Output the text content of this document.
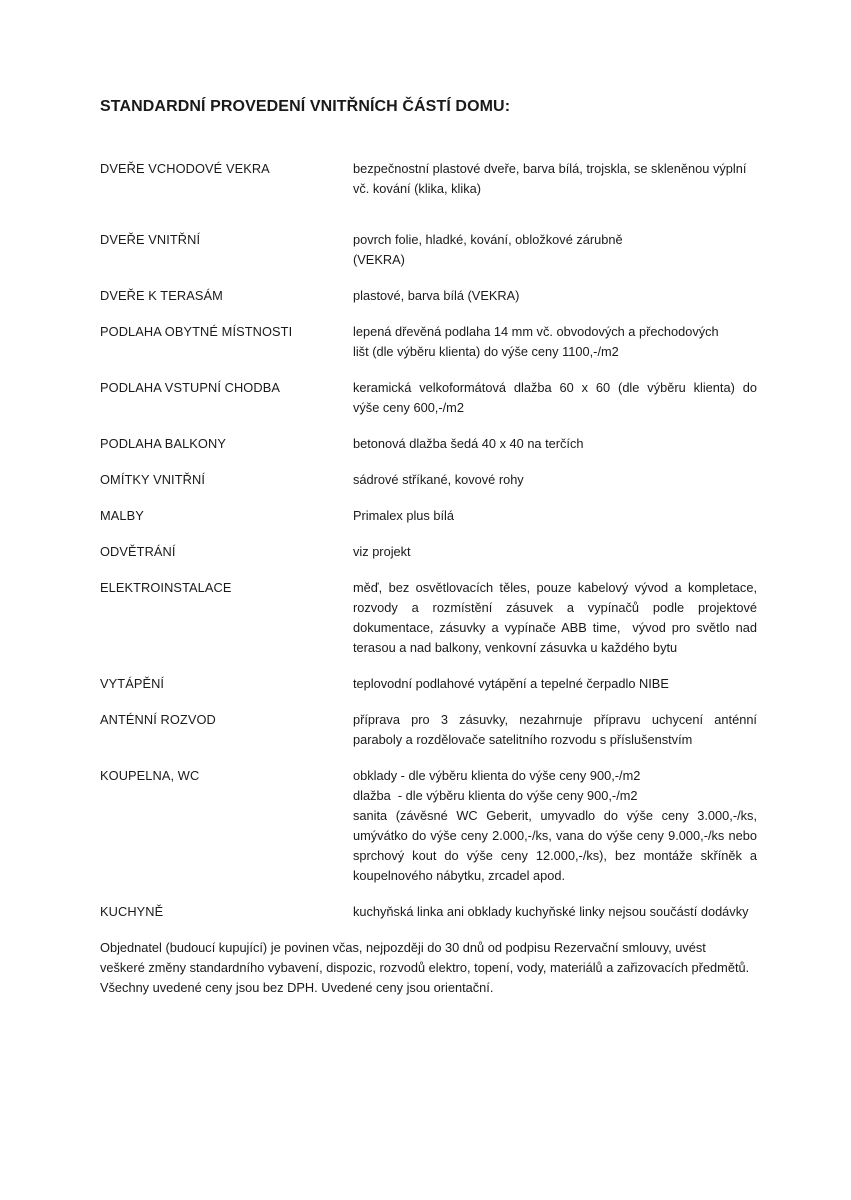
STANDARDNÍ PROVEDENÍ VNITŘNÍCH ČÁSTÍ DOMU:
DVEŘE VCHODOVÉ VEKRA	bezpečnostní plastové dveře, barva bílá, trojskla, se skleněnou výplní
vč. kování (klika, klika)
DVEŘE VNITŘNÍ	povrch folie, hladké, kování, obložkové zárubně
(VEKRA)
DVEŘE K TERASÁM	plastové, barva bílá (VEKRA)
PODLAHA OBYTNÉ MÍSTNOSTI	lepená dřevěná podlaha 14 mm vč. obvodových a přechodových
lišt (dle výběru klienta) do výše ceny 1100,-/m2
PODLAHA VSTUPNÍ CHODBA	keramická velkoformátová dlažba 60 x 60 (dle výběru klienta) do
výše ceny 600,-/m2
PODLAHA BALKONY	betonová dlažba šedá 40 x 40 na terčích
OMÍTKY VNITŘNÍ	sádrové stříkané, kovové rohy
MALBY	Primalex plus bílá
ODVĚTRÁNÍ	viz projekt
ELEKTROINSTALACE	měď, bez osvětlovacích těles, pouze kabelový vývod a kompletace,
rozvody a rozmístění zásuvek a vypínačů podle projektové
dokumentace, zásuvky a vypínače ABB time,  vývod pro světlo nad
terasou a nad balkony, venkovní zásuvka u každého bytu
VYTÁPĚNÍ	teplovodní podlahové vytápění a tepelné čerpadlo NIBE
ANTÉNNÍ ROZVOD	příprava pro 3 zásuvky, nezahrnuje přípravu uchycení anténní
paraboly a rozdělovače satelitního rozvodu s příslušenstvím
KOUPELNA, WC	obklady - dle výběru klienta do výše ceny 900,-/m2
dlažba  - dle výběru klienta do výše ceny 900,-/m2
sanita (závěsné WC Geberit, umyvadlo do výše ceny 3.000,-/ks,
umývátko do výše ceny 2.000,-/ks, vana do výše ceny 9.000,-/ks nebo
sprchový kout do výše ceny 12.000,-/ks), bez montáže skříněk a
koupelnového nábytku, zrcadel apod.
KUCHYNĚ	kuchyňská linka ani obklady kuchyňské linky nejsou součástí dodávky
Objednatel (budoucí kupující) je povinen včas, nejpozději do 30 dnů od podpisu Rezervační smlouvy, uvést
veškeré změny standardního vybavení, dispozic, rozvodů elektro, topení, vody, materiálů a zařizovacích předmětů.
Všechny uvedené ceny jsou bez DPH. Uvedené ceny jsou orientační.
